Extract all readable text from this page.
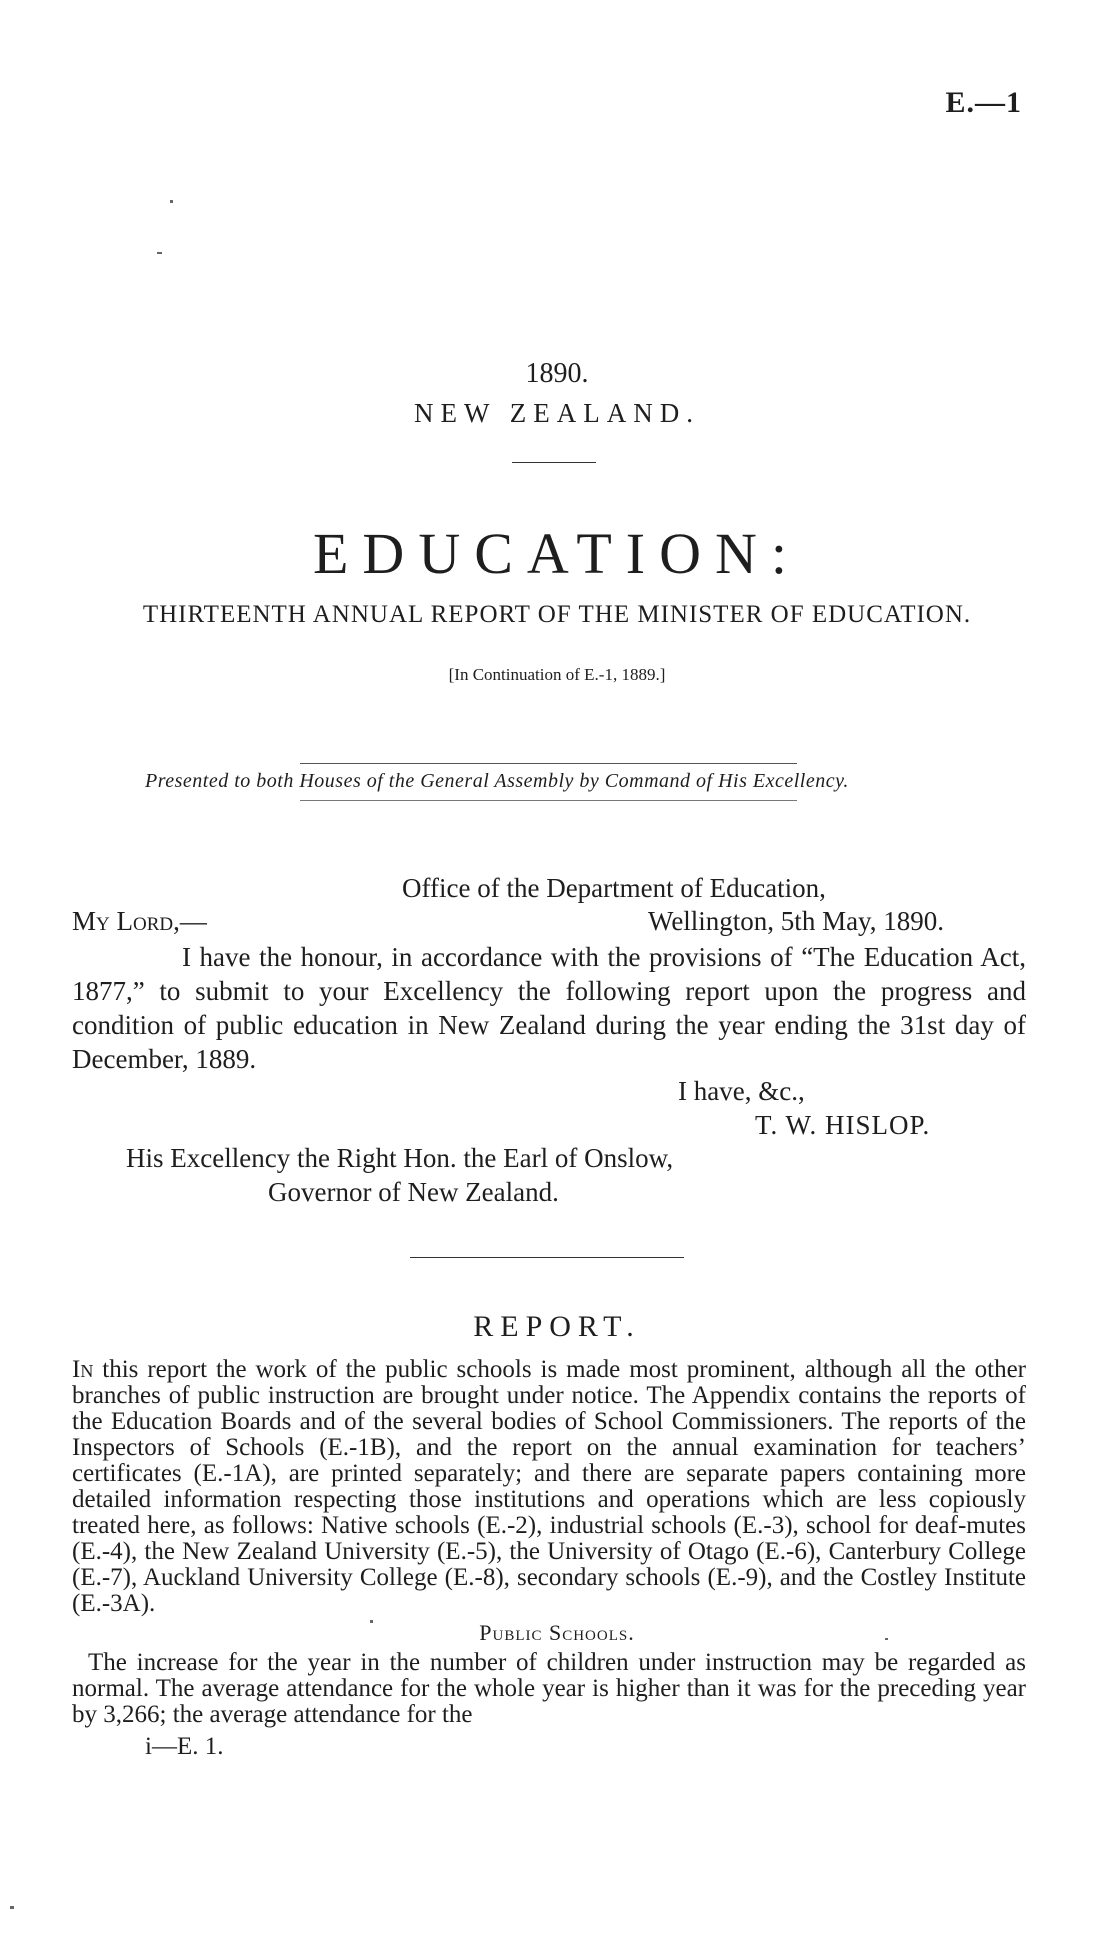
E.—1
1890.
NEW ZEALAND.
EDUCATION:
THIRTEENTH ANNUAL REPORT OF THE MINISTER OF EDUCATION.
[In Continuation of E.-1, 1889.]
Presented to both Houses of the General Assembly by Command of His Excellency.
Office of the Department of Education,
My Lord,—	Wellington, 5th May, 1890.
I have the honour, in accordance with the provisions of “The Education Act, 1877,” to submit to your Excellency the following report upon the progress and condition of public education in New Zealand during the year ending the 31st day of December, 1889.
I have, &c.,
T. W. HISLOP.
His Excellency the Right Hon. the Earl of Onslow,
Governor of New Zealand.
REPORT.
In this report the work of the public schools is made most prominent, although all the other branches of public instruction are brought under notice. The Appendix contains the reports of the Education Boards and of the several bodies of School Commissioners. The reports of the Inspectors of Schools (E.-1B), and the report on the annual examination for teachers’ certificates (E.-1A), are printed separately; and there are separate papers containing more detailed information respecting those institutions and operations which are less copiously treated here, as follows: Native schools (E.-2), industrial schools (E.-3), school for deaf-mutes (E.-4), the New Zealand University (E.-5), the University of Otago (E.-6), Canterbury College (E.-7), Auckland University College (E.-8), secondary schools (E.-9), and the Costley Institute (E.-3A).
Public Schools.
The increase for the year in the number of children under instruction may be regarded as normal. The average attendance for the whole year is higher than it was for the preceding year by 3,266; the average attendance for the
i—E. 1.
